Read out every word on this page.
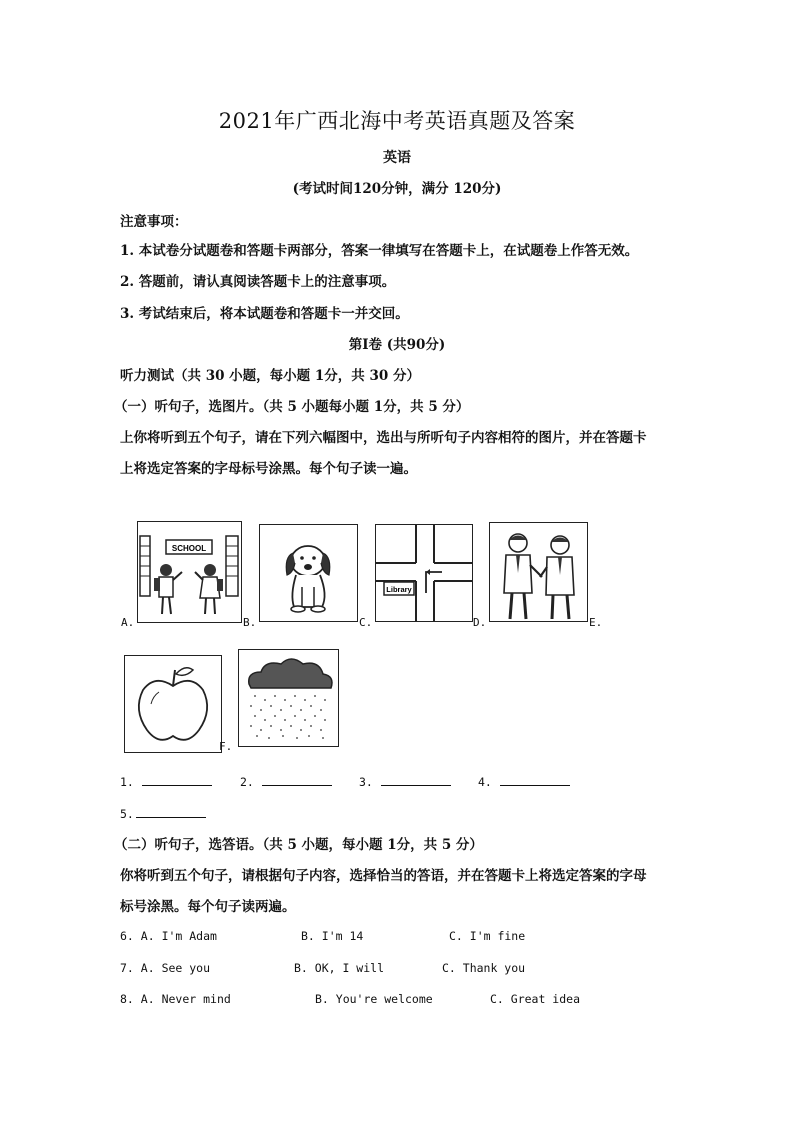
2021年广西北海中考英语真题及答案
英语
(考试时间120分钟，满分 120分)
注意事项：
1. 本试卷分试题卷和答题卡两部分，答案一律填写在答题卡上，在试题卷上作答无效。
2. 答题前，请认真阅读答题卡上的注意事项。
3. 考试结束后，将本试题卷和答题卡一并交回。
第Ⅰ卷 (共90分)
听力测试（共 30 小题，每小题 1分，共 30 分）
（一）听句子，选图片。（共 5 小题每小题 1分，共 5 分）
上你将听到五个句子，请在下列六幅图中，选出与所听句子内容相符的图片，并在答题卡
上将选定答案的字母标号涂黑。每个句子读一遍。
SCHOOL
A.	B.
Library
C.	D.	E.
F.
1.	2.	3.	4.
5.
（二）听句子，选答语。（共 5 小题，每小题 1分，共 5 分）
你将听到五个句子，请根据句子内容，选择恰当的答语，并在答题卡上将选定答案的字母
标号涂黑。每个句子读两遍。
6. A. I'm Adam	B. I'm 14	C. I'm fine
7. A. See you	B. OK, I will	C. Thank you
8. A. Never mind	B. You're welcome	C. Great idea
